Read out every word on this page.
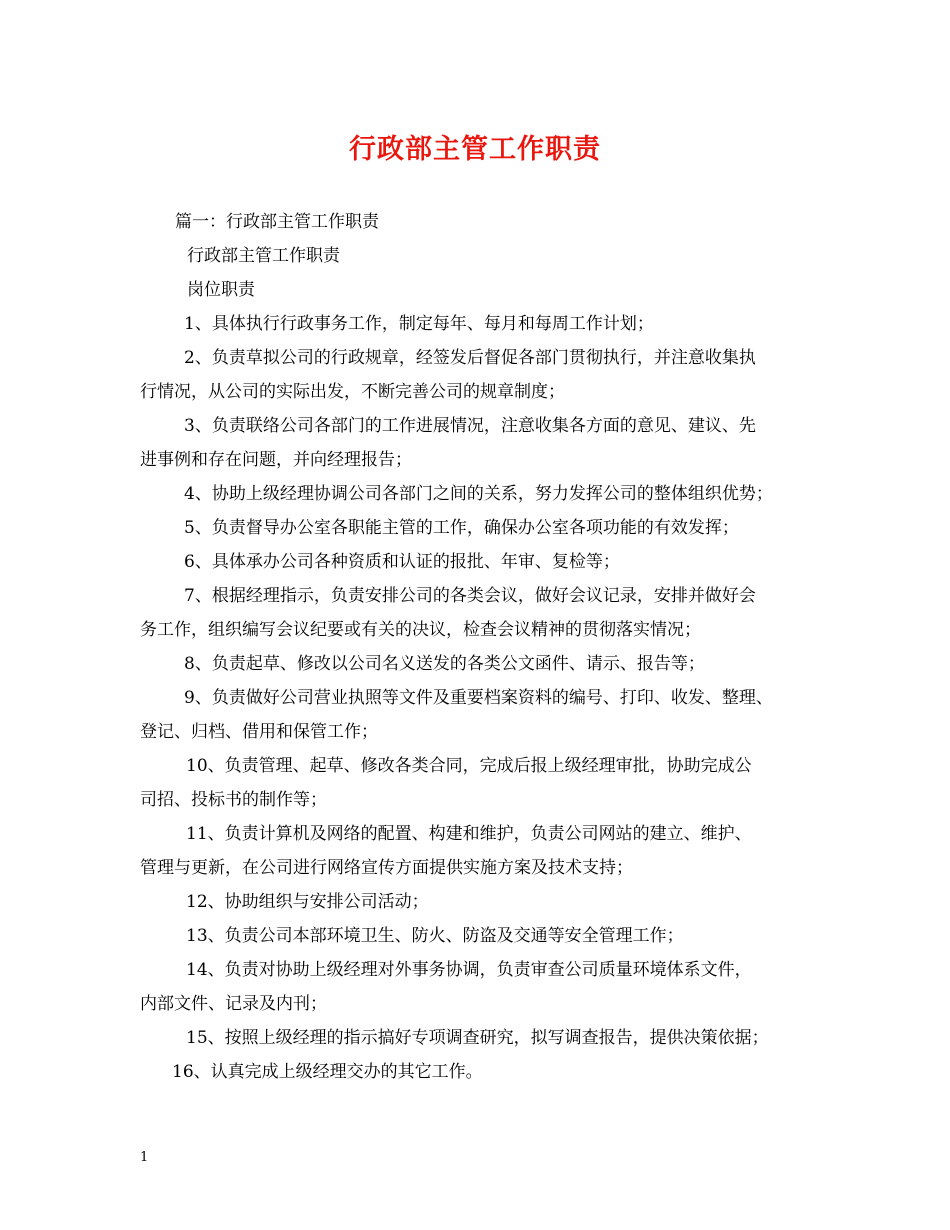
行政部主管工作职责
篇一：行政部主管工作职责
行政部主管工作职责
岗位职责
1、具体执行行政事务工作，制定每年、每月和每周工作计划；
2、负责草拟公司的行政规章，经签发后督促各部门贯彻执行，并注意收集执
行情况，从公司的实际出发，不断完善公司的规章制度；
3、负责联络公司各部门的工作进展情况，注意收集各方面的意见、建议、先
进事例和存在问题，并向经理报告；
4、协助上级经理协调公司各部门之间的关系，努力发挥公司的整体组织优势；
5、负责督导办公室各职能主管的工作，确保办公室各项功能的有效发挥；
6、具体承办公司各种资质和认证的报批、年审、复检等；
7、根据经理指示，负责安排公司的各类会议，做好会议记录，安排并做好会
务工作，组织编写会议纪要或有关的决议，检查会议精神的贯彻落实情况；
8、负责起草、修改以公司名义送发的各类公文函件、请示、报告等；
9、负责做好公司营业执照等文件及重要档案资料的编号、打印、收发、整理、
登记、归档、借用和保管工作；
10、负责管理、起草、修改各类合同，完成后报上级经理审批，协助完成公
司招、投标书的制作等；
11、负责计算机及网络的配置、构建和维护，负责公司网站的建立、维护、
管理与更新，在公司进行网络宣传方面提供实施方案及技术支持；
12、协助组织与安排公司活动；
13、负责公司本部环境卫生、防火、防盗及交通等安全管理工作；
14、负责对协助上级经理对外事务协调，负责审查公司质量环境体系文件，
内部文件、记录及内刊；
15、按照上级经理的指示搞好专项调查研究，拟写调查报告，提供决策依据；
16、认真完成上级经理交办的其它工作。
1
